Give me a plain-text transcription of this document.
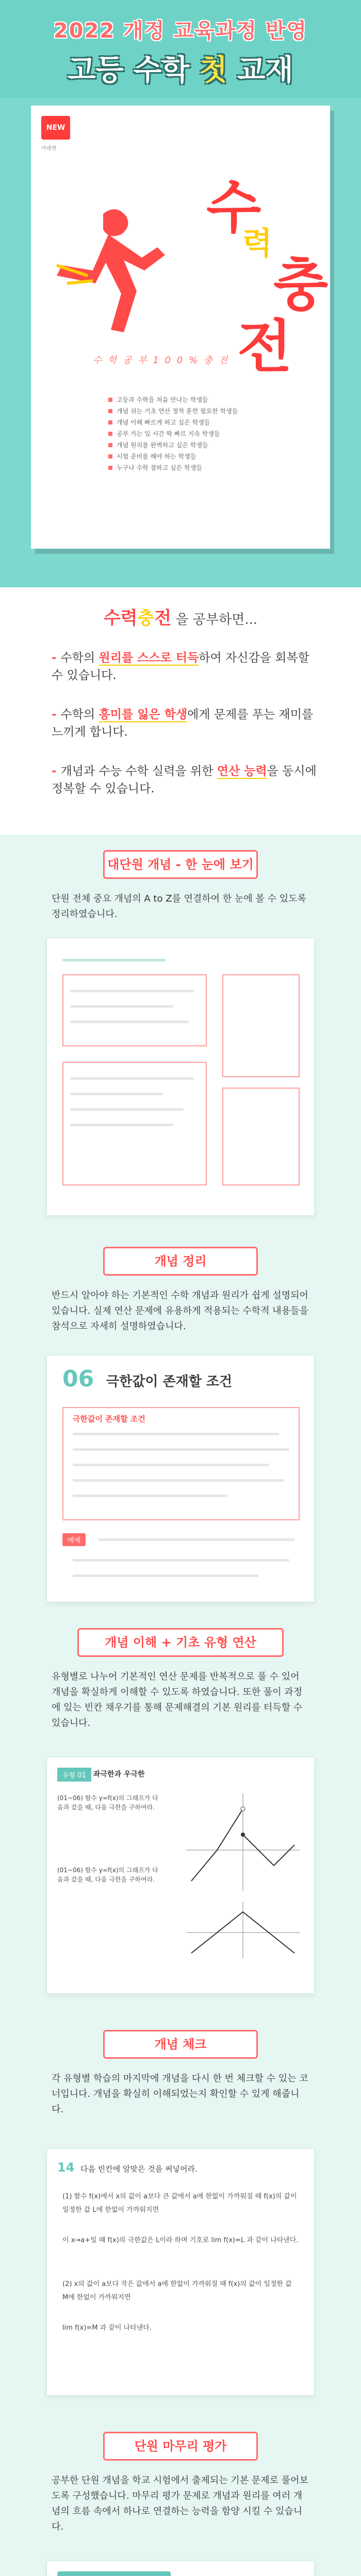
2022 개정 교육과정 반영
고등 수학 첫 교재
NEW
미래엔
수
력
충
전
수 학 공 부 1 0 0 % 충 전
고등과 수학을 처음 만나는 학생들
개념 쉬는 기초 연산 정착 훈련 필요한 학생들
개념 이해 빠르게 하고 싶은 학생들
공부 가는 일 시간 딱 빠르 지속 학생들
개념 원리를 완벽하고 싶은 학생들
시험 준비를 해야 하는 학생들
누구나 수학 잘하고 싶은 학생들
수력충전 을 공부하면...
- 수학의 원리를 스스로 터득하여 자신감을 회복할 수 있습니다.
- 수학의 흥미를 잃은 학생에게 문제를 푸는 재미를 느끼게 합니다.
- 개념과 수능 수학 실력을 위한 연산 능력을 동시에 정복할 수 있습니다.
대단원 개념 - 한 눈에 보기
단원 전체 중요 개념의 A to Z를 연결하여 한 눈에 볼 수 있도록 정리하였습니다.
개념 정리
반드시 알아야 하는 기본적인 수학 개념과 원리가 쉽게 설명되어 있습니다. 실제 연산 문제에 유용하게 적용되는 수학적 내용들을 참석으로 자세히 설명하였습니다.
06 극한값이 존재할 조건
극한값이 존재할 조건
예제
개념 이해 + 기초 유형 연산
유형별로 나누어 기본적인 연산 문제를 반복적으로 풀 수 있어 개념을 확실하게 이해할 수 있도록 하였습니다. 또한 풀이 과정에 있는 빈칸 채우기를 통해 문제해결의 기본 원리를 터득할 수 있습니다.
유형 01	좌극한과 우극한
(01~06) 함수 y=f(x)의 그래프가 다음과 같을 때, 다음 극한을 구하여라.
(01~06) 함수 y=f(x)의 그래프가 다음과 같을 때, 다음 극한을 구하여라.
개념 체크
각 유형별 학습의 마지막에 개념을 다시 한 번 체크할 수 있는 코너입니다. 개념을 확실히 이해되었는지 확인할 수 있게 해줍니다.
14 다음 빈칸에 알맞은 것을 써넣어라.
(1) 함수 f(x)에서 x의 값이 a보다 큰 값에서 a에 한없이 가까워질 때 f(x)의 값이 일정한 값 L에 한없이 가까워지면
이 x→a+일 때 f(x)의 극한값은 L이라 하며 기호로 lim f(x)=L 과 같이 나타낸다.
(2) x의 값이 a보다 작은 값에서 a에 한없이 가까워질 때 f(x)의 값이 일정한 값 M에 한없이 가까워지면
lim f(x)=M 과 같이 나타낸다.
단원 마무리 평가
공부한 단원 개념을 학교 시험에서 출제되는 기본 문제로 풀어보도록 구성했습니다. 마무리 평가 문제로 개념과 원리를 여러 개념의 흐름 속에서 하나로 연결하는 능력을 함양 시킬 수 있습니다.
